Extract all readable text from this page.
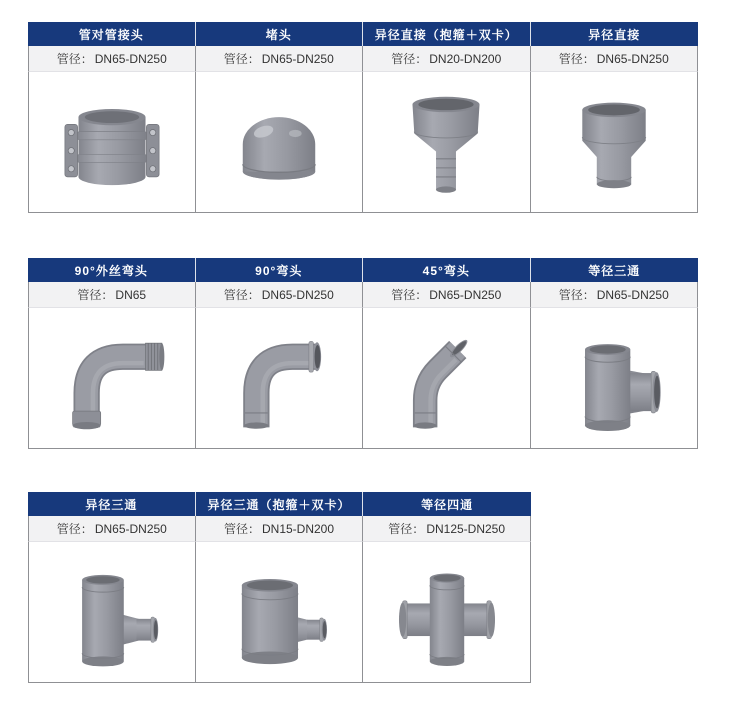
管对管接头
管径： DN65-DN250
堵头
管径： DN65-DN250
异径直接（抱箍＋双卡）
管径： DN20-DN200
异径直接
管径： DN65-DN250
90°外丝弯头
管径： DN65
90°弯头
管径： DN65-DN250
45°弯头
管径： DN65-DN250
等径三通
管径： DN65-DN250
异径三通
管径： DN65-DN250
异径三通（抱箍＋双卡）
管径： DN15-DN200
等径四通
管径： DN125-DN250
